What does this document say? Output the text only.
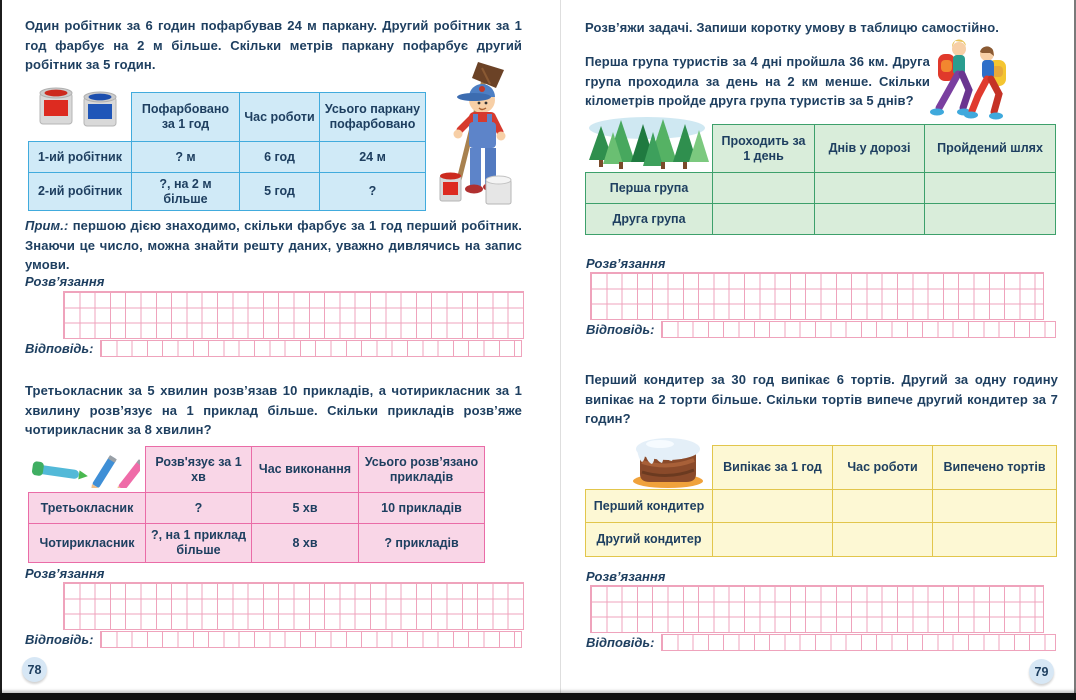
Один робітник за 6 годин пофарбував 24 м паркану. Другий робітник за 1 год фарбує на 2 м більше. Скільки метрів паркану пофарбує другий робітник за 5 годин.
	Пофарбовано за 1 год	Час роботи	Усього паркану пофарбовано
1-ий робітник	? м	6 год	24 м
2-ий робітник	?, на 2 м більше	5 год	?
Прим.: першою дією знаходимо, скільки фарбує за 1 год перший робітник. Знаючи це число, можна знайти решту даних, уважно дивлячись на запис умови.
Розв’язання
Відповідь:
Третьокласник за 5 хвилин розв’язав 10 прикладів, а чотирикласник за 1 хвилину розв’язує на 1 приклад більше. Скільки прикладів розв’яже чотирикласник за 8 хвилин?
	Розв'язує за 1 хв	Час виконання	Усього розв’язано прикладів
Третьокласник	?	5 хв	10 прикладів
Чотирикласник	?, на 1 приклад більше	8 хв	? прикладів
Розв’язання
Відповідь:
78
Розв’яжи задачі. Запиши коротку умову в таблицю самостійно.
Перша група туристів за 4 дні пройшла 36 км. Друга група проходила за день на 2 км менше. Скільки кілометрів пройде друга група туристів за 5 днів?
	Проходить за 1 день	Днів у дорозі	Пройдений шлях
Перша група			
Друга група			
Розв’язання
Відповідь:
Перший кондитер за 30 год випікає 6 тортів. Другий за одну годину випікає на 2 торти більше. Скільки тортів випече другий кондитер за 7 годин?
	Випікає за 1 год	Час роботи	Випечено тортів
Перший кондитер			
Другий кондитер			
Розв’язання
Відповідь:
79
